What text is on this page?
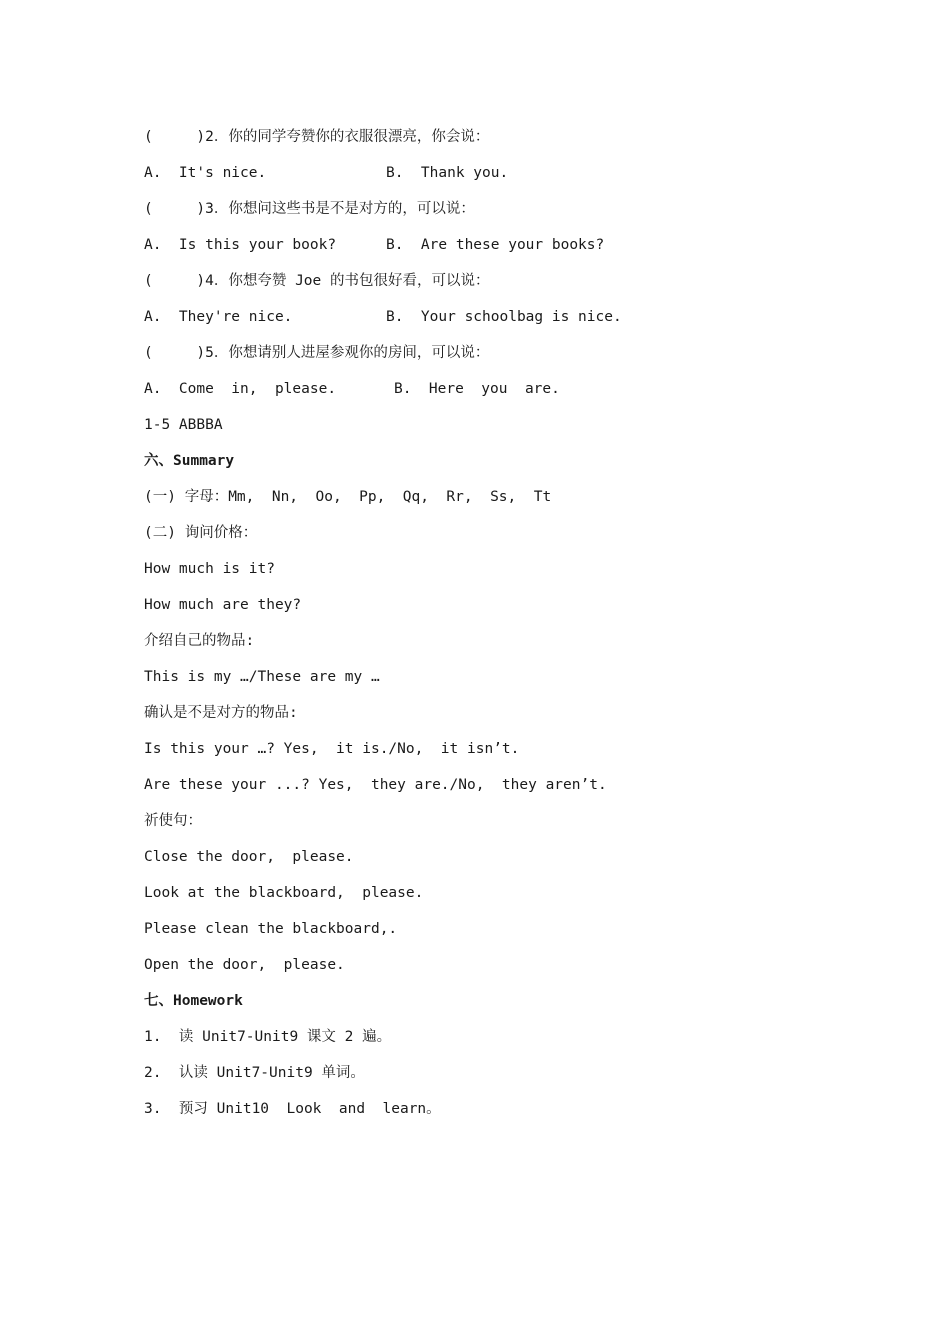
(     )2．你的同学夸赞你的衣服很漂亮，你会说：
A.  It's nice.	B.  Thank you.
(     )3．你想问这些书是不是对方的，可以说：
A.  Is this your book?	B.  Are these your books?
(     )4．你想夸赞 Joe 的书包很好看，可以说：
A.  They're nice.	B.  Your schoolbag is nice.
(     )5．你想请别人进屋参观你的房间，可以说：
A.  Come  in,  please.	B.  Here  you  are.
1-5 ABBBA
六、Summary
(一) 字母：Mm,  Nn,  Oo,  Pp,  Qq,  Rr,  Ss,  Tt
(二) 询问价格：
How much is it?
How much are they?
介绍自己的物品:
This is my …/These are my …
确认是不是对方的物品:
Is this your …? Yes,  it is./No,  it isn’t.
Are these your ...? Yes,  they are./No,  they aren’t.
祈使句：
Close the door,  please.
Look at the blackboard,  please.
Please clean the blackboard,.
Open the door,  please.
七、Homework
1.  读 Unit7-Unit9 课文 2 遍。
2.  认读 Unit7-Unit9 单词。
3.  预习 Unit10  Look  and  learn。
